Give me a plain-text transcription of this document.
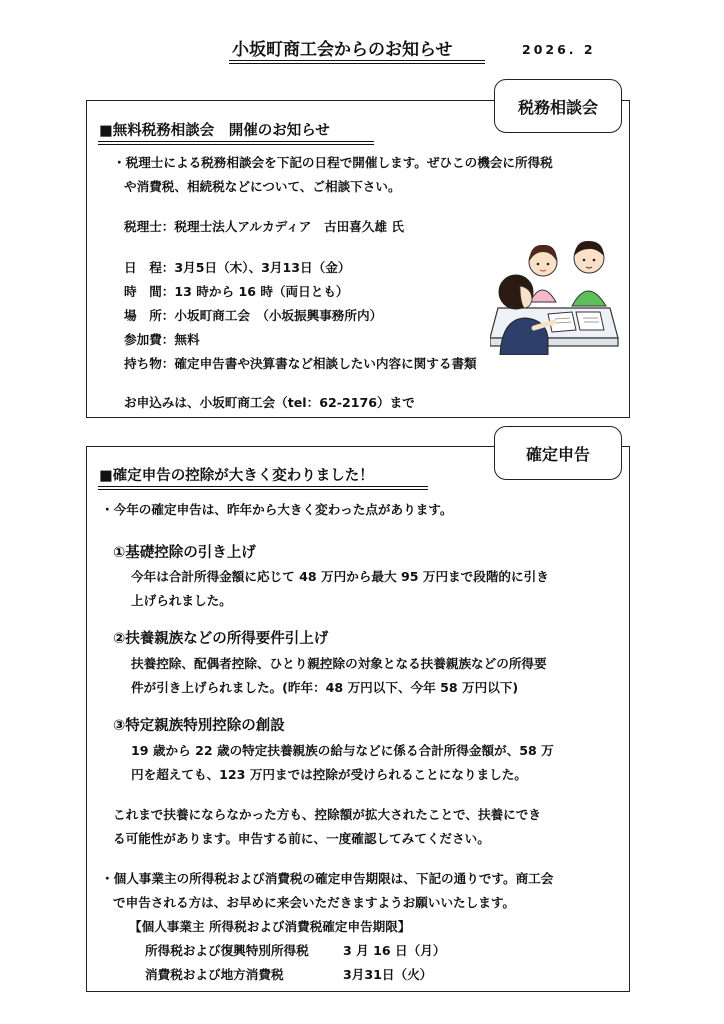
小坂町商工会からのお知らせ	2026. 2
税務相談会
■無料税務相談会　開催のお知らせ
・税理士による税務相談会を下記の日程で開催します。ぜひこの機会に所得税
や消費税、相続税などについて、ご相談下さい。
税理士：税理士法人アルカディア　古田喜久雄 氏
日　程：3月5日（木）、3月13日（金）
時　間：13 時から 16 時（両日とも）
場　所：小坂町商工会　（小坂振興事務所内）
参加費：無料
持ち物：確定申告書や決算書など相談したい内容に関する書類
お申込みは、小坂町商工会（tel：62-2176）まで
確定申告
■確定申告の控除が大きく変わりました！
・今年の確定申告は、昨年から大きく変わった点があります。
①基礎控除の引き上げ
今年は合計所得金額に応じて 48 万円から最大 95 万円まで段階的に引き
上げられました。
②扶養親族などの所得要件引上げ
扶養控除、配偶者控除、ひとり親控除の対象となる扶養親族などの所得要
件が引き上げられました。(昨年：48 万円以下、今年 58 万円以下)
③特定親族特別控除の創設
19 歳から 22 歳の特定扶養親族の給与などに係る合計所得金額が、58 万
円を超えても、123 万円までは控除が受けられることになりました。
これまで扶養にならなかった方も、控除額が拡大されたことで、扶養にでき
る可能性があります。申告する前に、一度確認してみてください。
・個人事業主の所得税および消費税の確定申告期限は、下記の通りです。商工会
で申告される方は、お早めに来会いただきますようお願いいたします。
【個人事業主 所得税および消費税確定申告期限】
所得税および復興特別所得税	3 月 16 日（月）
消費税および地方消費税	3月31日（火）
